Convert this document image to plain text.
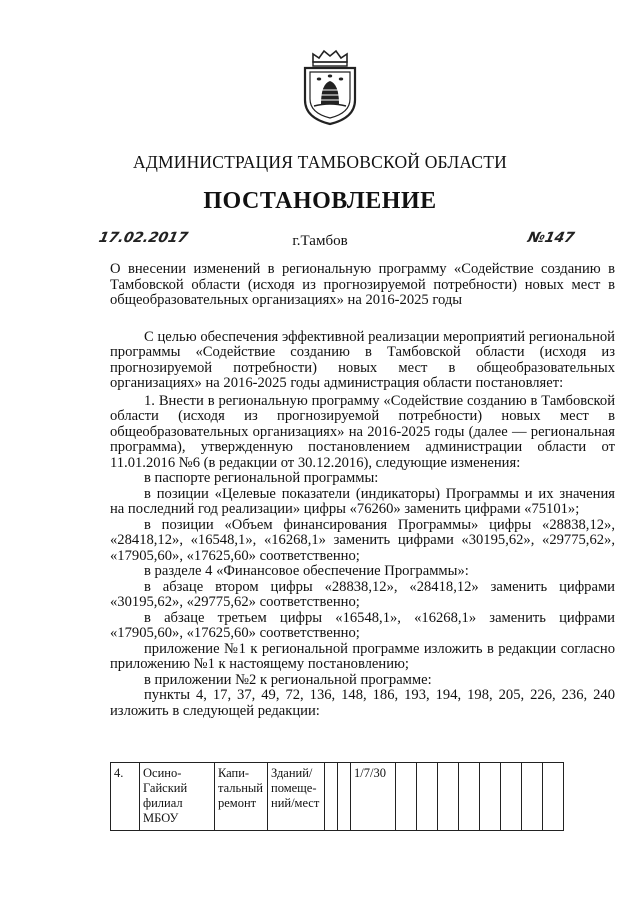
АДМИНИСТРАЦИЯ ТАМБОВСКОЙ ОБЛАСТИ
ПОСТАНОВЛЕНИЕ
17.02.2017	г.Тамбов	№147

О внесении изменений в региональную программу «Содействие созданию в Тамбовской области (исходя из прогнозируемой потребности) новых мест в общеобразовательных организациях» на 2016-2025 годы

С целью обеспечения эффективной реализации мероприятий региональной программы «Содействие созданию в Тамбовской области (исходя из прогнозируемой потребности) новых мест в общеобразовательных организациях» на 2016-2025 годы администрация области постановляет:

1. Внести в региональную программу «Содействие созданию в Тамбовской области (исходя из прогнозируемой потребности) новых мест в общеобразовательных организациях» на 2016-2025 годы (далее — региональная программа), утвержденную постановлением администрации области от 11.01.2016 №6 (в редакции от 30.12.2016), следующие изменения:

в паспорте региональной программы:

в позиции «Целевые показатели (индикаторы) Программы и их значения на последний год реализации» цифры «76260» заменить цифрами «75101»;

в позиции «Объем финансирования Программы» цифры «28838,12», «28418,12», «16548,1», «16268,1» заменить цифрами «30195,62», «29775,62», «17905,60», «17625,60» соответственно;

в разделе 4 «Финансовое обеспечение Программы»:

в абзаце втором цифры «28838,12», «28418,12» заменить цифрами «30195,62», «29775,62» соответственно;

в абзаце третьем цифры «16548,1», «16268,1» заменить цифрами «17905,60», «17625,60» соответственно;

приложение №1 к региональной программе изложить в редакции согласно приложению №1 к настоящему постановлению;

в приложении №2 к региональной программе:

пункты 4, 17, 37, 49, 72, 136, 148, 186, 193, 194, 198, 205, 226, 236, 240 изложить в следующей редакции:

4.	Осино-Гайский филиал МБОУ	Капи-тальный ремонт	Зданий/ помеще-ний/мест			1/7/30								
